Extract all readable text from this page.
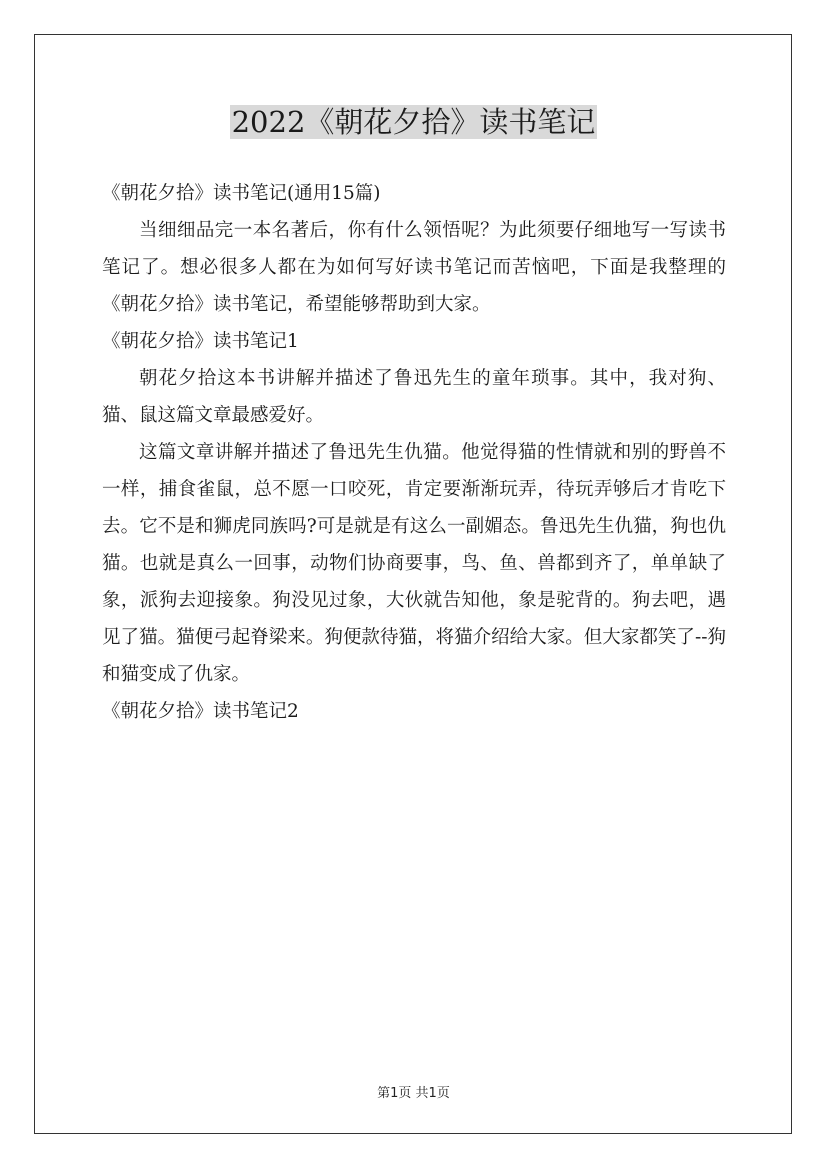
2022《朝花夕拾》读书笔记

《朝花夕拾》读书笔记(通用15篇)

当细细品完一本名著后，你有什么领悟呢？为此须要仔细地写一写读书笔记了。想必很多人都在为如何写好读书笔记而苦恼吧，下面是我整理的《朝花夕拾》读书笔记，希望能够帮助到大家。

《朝花夕拾》读书笔记1

朝花夕拾这本书讲解并描述了鲁迅先生的童年琐事。其中，我对狗、猫、鼠这篇文章最感爱好。

这篇文章讲解并描述了鲁迅先生仇猫。他觉得猫的性情就和别的野兽不一样，捕食雀鼠，总不愿一口咬死，肯定要渐渐玩弄，待玩弄够后才肯吃下去。它不是和狮虎同族吗?可是就是有这么一副媚态。鲁迅先生仇猫，狗也仇猫。也就是真么一回事，动物们协商要事，鸟、鱼、兽都到齐了，单单缺了象，派狗去迎接象。狗没见过象，大伙就告知他，象是驼背的。狗去吧，遇见了猫。猫便弓起脊梁来。狗便款待猫，将猫介绍给大家。但大家都笑了--狗和猫变成了仇家。

《朝花夕拾》读书笔记2

第1页 共1页
